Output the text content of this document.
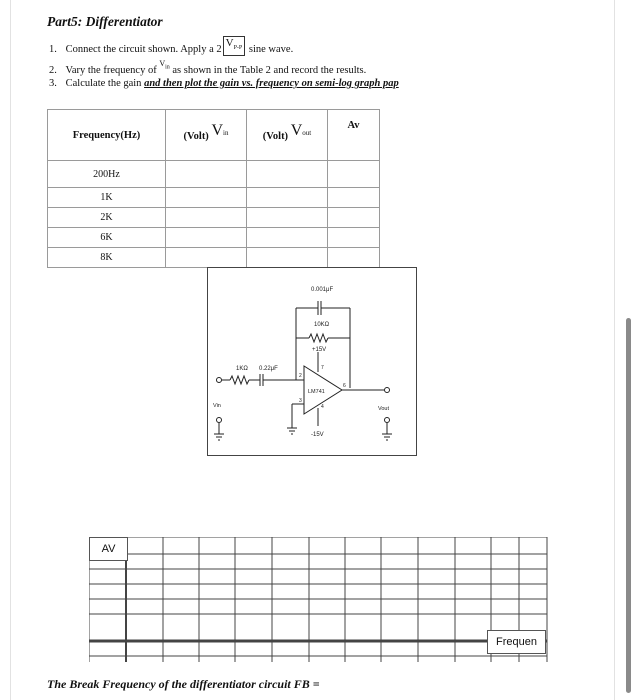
Part5: Differentiator
1. Connect the circuit shown. Apply a $2V_{P-P}$ sine wave.
2. Vary the frequency of $^{V_{in}}$ as shown in the Table 2 and record the results.
3. Calculate the gain and then plot the gain vs. frequency on semi-log graph pap
Frequency(Hz)	(Volt) $V^{in}$	(Volt) $V^{out}$	Av
200Hz			
1K			
2K			
6K			
8K			
0.001μF
10KΩ
+15V
1KΩ 0.22μF
LM741
2
3
4
6
7
-15V
Vin	Vout
AV
Frequen
The Break Frequency of the differentiator circuit FB =
